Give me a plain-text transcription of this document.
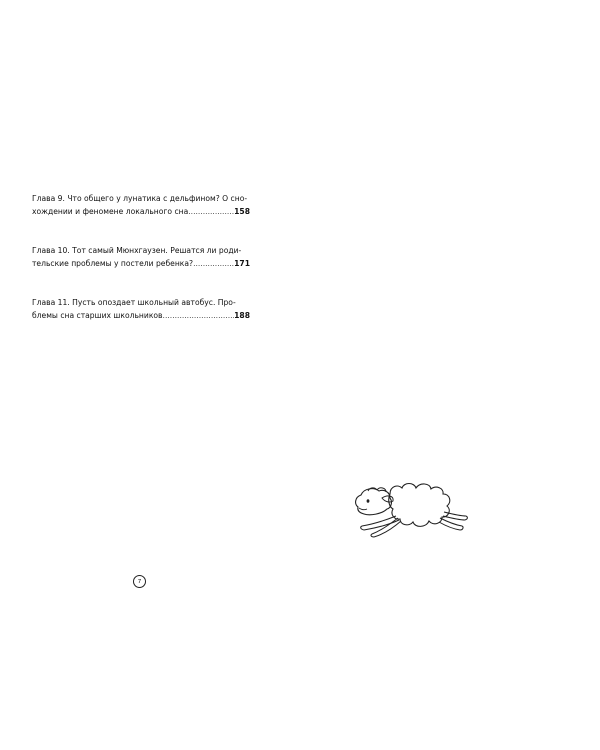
Глава 9. Что общего у лунатика с дельфином? О сно-
хождении и феномене локального сна .....	158
Глава 10. Тот самый Мюнхгаузен. Решатся ли роди-
тельские проблемы у постели ребенка? .....	171
Глава 11. Пусть опоздает школьный автобус. Про-
блемы сна старших школьников .....	188
7
